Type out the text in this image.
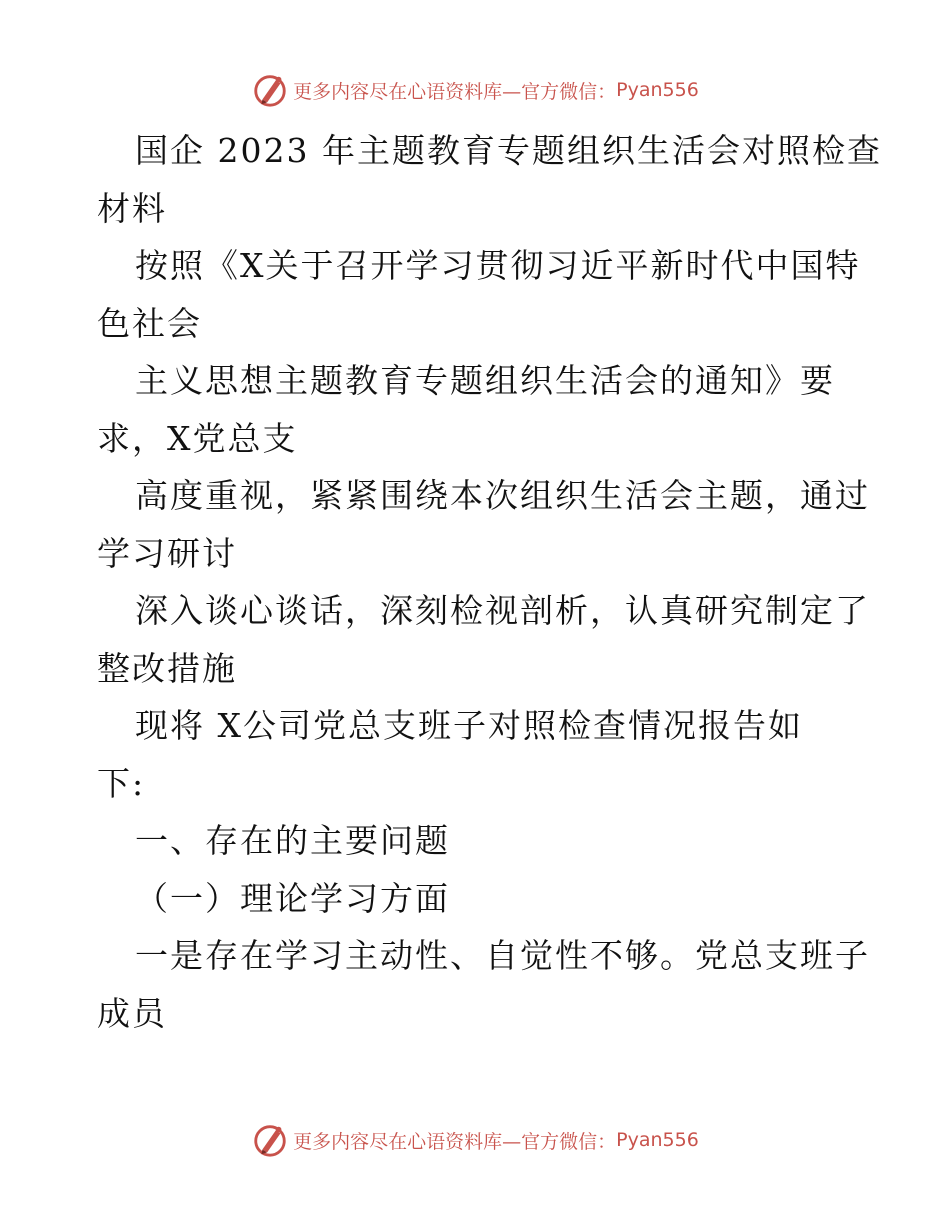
更多内容尽在心语资料库—官方微信： Pyan556
国企 2023 年主题教育专题组织生活会对照检查
材料
按照《X关于召开学习贯彻习近平新时代中国特
色社会
主义思想主题教育专题组织生活会的通知》要
求，X党总支
高度重视，紧紧围绕本次组织生活会主题，通过
学习研讨
深入谈心谈话，深刻检视剖析，认真研究制定了
整改措施
现将 X公司党总支班子对照检查情况报告如
下:
一、存在的主要问题
（一）理论学习方面
一是存在学习主动性、自觉性不够。党总支班子
成员
更多内容尽在心语资料库—官方微信： Pyan556
